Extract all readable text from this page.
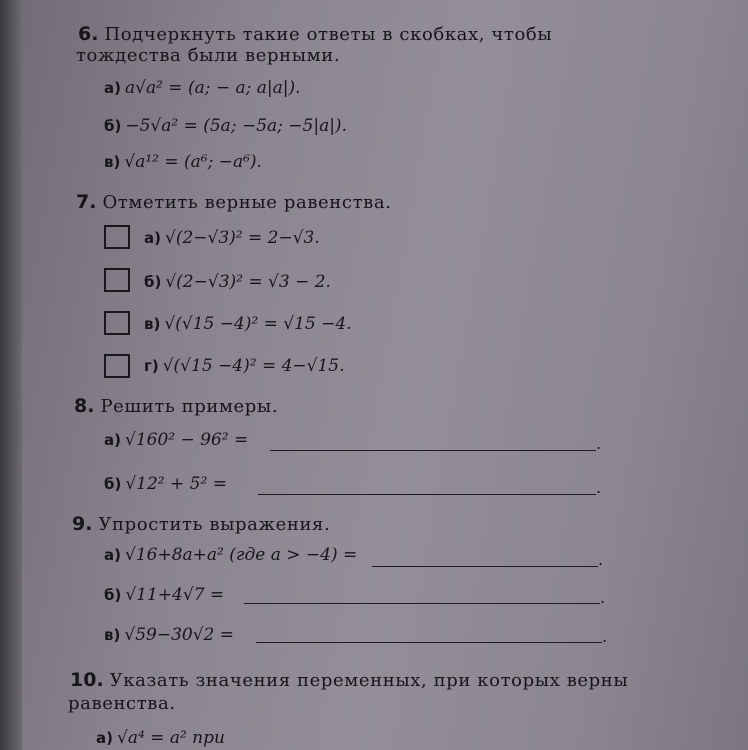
6. Подчеркнуть такие ответы в скобках, чтобы
тождества были верными.
а) a√a² = (a; − a; a|a|).
б) −5√a² = (5a; −5a; −5|a|).
в) √a¹² = (a⁶; −a⁶).
7. Отметить верные равенства.
а) √(2−√3)² = 2−√3.
б) √(2−√3)² = √3 − 2.
в) √(√15 −4)² = √15 −4.
г) √(√15 −4)² = 4−√15.
8. Решить примеры.
а) √160² − 96² =	.
б) √12² + 5² =	.
9. Упростить выражения.
а) √16+8a+a² (где a > −4) =	.
б) √11+4√7 =	.
в) √59−30√2 =	.
10. Указать значения переменных, при которых верны
равенства.
а) √a⁴ = a² при
